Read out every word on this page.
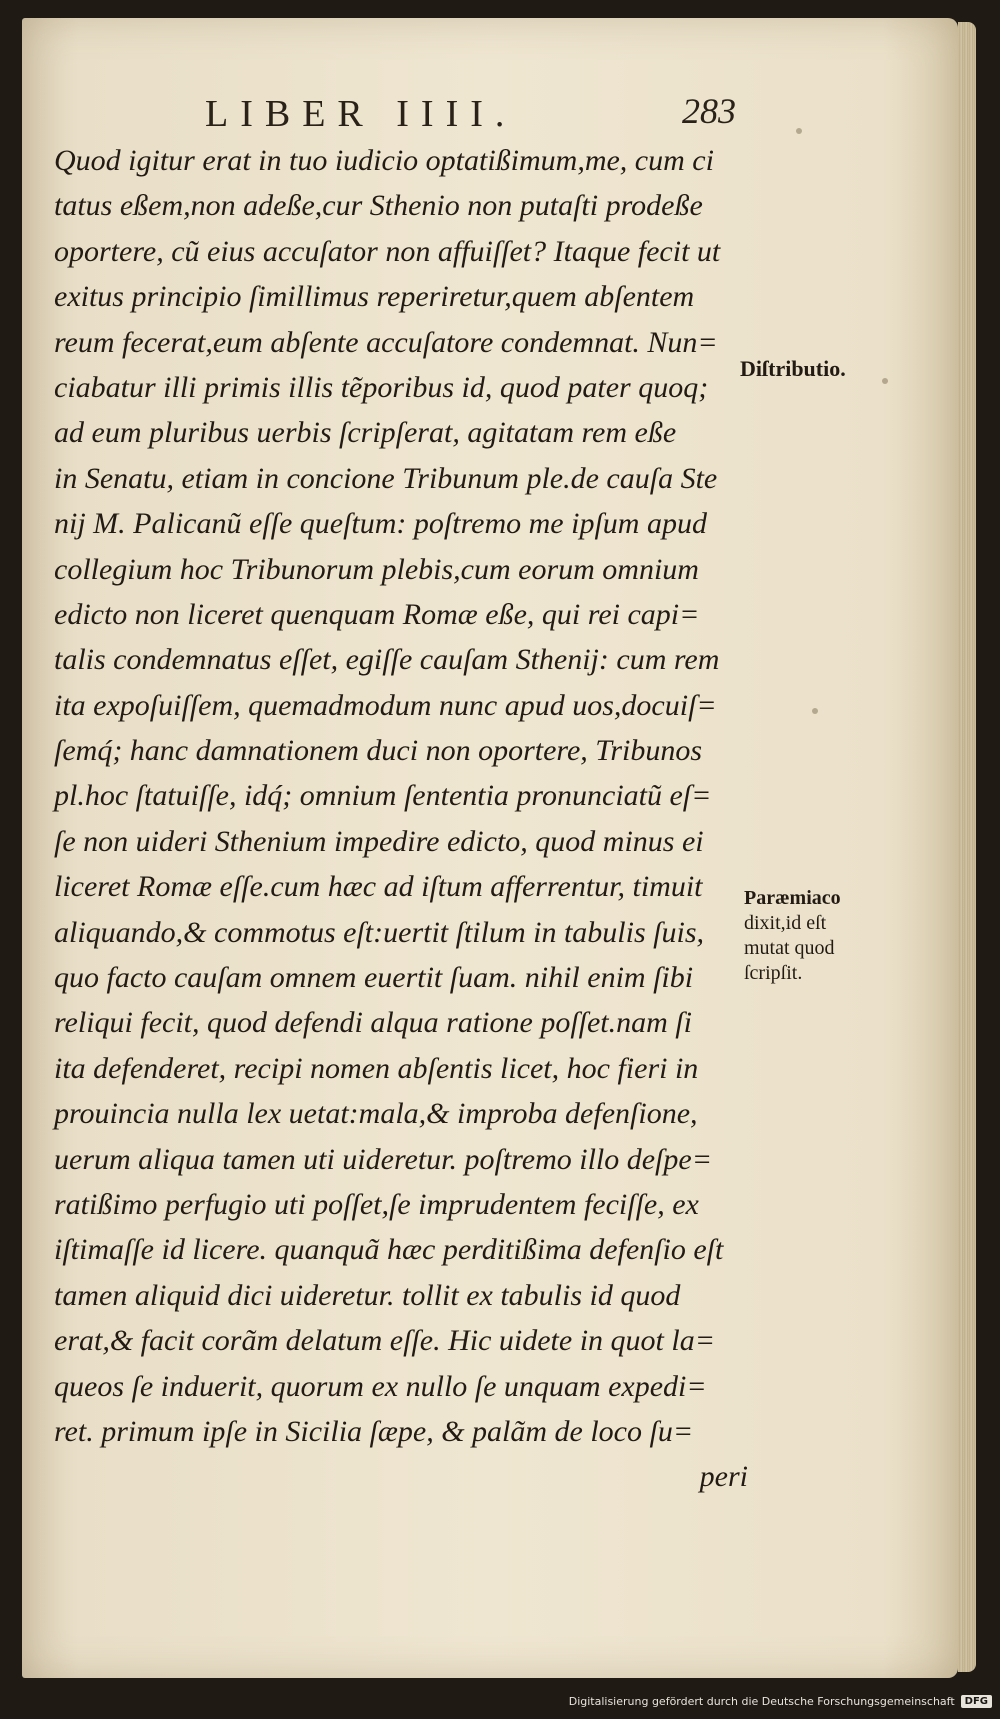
LIBER IIII.	283
Quod igitur erat in tuo iudicio optatißimum,me, cum ci
tatus eßem,non adeße,cur Sthenio non putaſti prodeße
oportere, cũ eius accuſator non affuiſſet? Itaque fecit ut
exitus principio ſimillimus reperiretur,quem abſentem
reum fecerat,eum abſente accuſatore condemnat. Nun=
ciabatur illi primis illis tẽporibus id, quod pater quoq;
ad eum pluribus uerbis ſcripſerat, agitatam rem eße
in Senatu, etiam in concione Tribunum ple.de cauſa Ste
nij M. Palicanũ eſſe queſtum: poſtremo me ipſum apud
collegium hoc Tribunorum plebis,cum eorum omnium
edicto non liceret quenquam Romæ eße, qui rei capi=
talis condemnatus eſſet, egiſſe cauſam Sthenij: cum rem
ita expoſuiſſem, quemadmodum nunc apud uos,docuiſ=
ſemq́; hanc damnationem duci non oportere, Tribunos
pl.hoc ſtatuiſſe, idq́; omnium ſententia pronunciatũ eſ=
ſe non uideri Sthenium impedire edicto, quod minus ei
liceret Romæ eſſe.cum hæc ad iſtum afferrentur, timuit
aliquando,& commotus eſt:uertit ſtilum in tabulis ſuis,
quo facto cauſam omnem euertit ſuam. nihil enim ſibi
reliqui fecit, quod defendi alqua ratione poſſet.nam ſi
ita defenderet, recipi nomen abſentis licet, hoc fieri in
prouincia nulla lex uetat:mala,& improba defenſione,
uerum aliqua tamen uti uideretur. poſtremo illo deſpe=
ratißimo perfugio uti poſſet,ſe imprudentem feciſſe, ex
iſtimaſſe id licere. quanquã hæc perditißima defenſio eſt
tamen aliquid dici uideretur. tollit ex tabulis id quod
erat,& facit corãm delatum eſſe. Hic uidete in quot la=
queos ſe induerit, quorum ex nullo ſe unquam expedi=
ret. primum ipſe in Sicilia ſæpe, & palãm de loco ſu=
peri
Diſtributio.
Paræmiaco
dixit,id eſt
mutat quod
ſcripſit.
Digitalisierung gefördert durch die Deutsche Forschungsgemeinschaft	DFG
